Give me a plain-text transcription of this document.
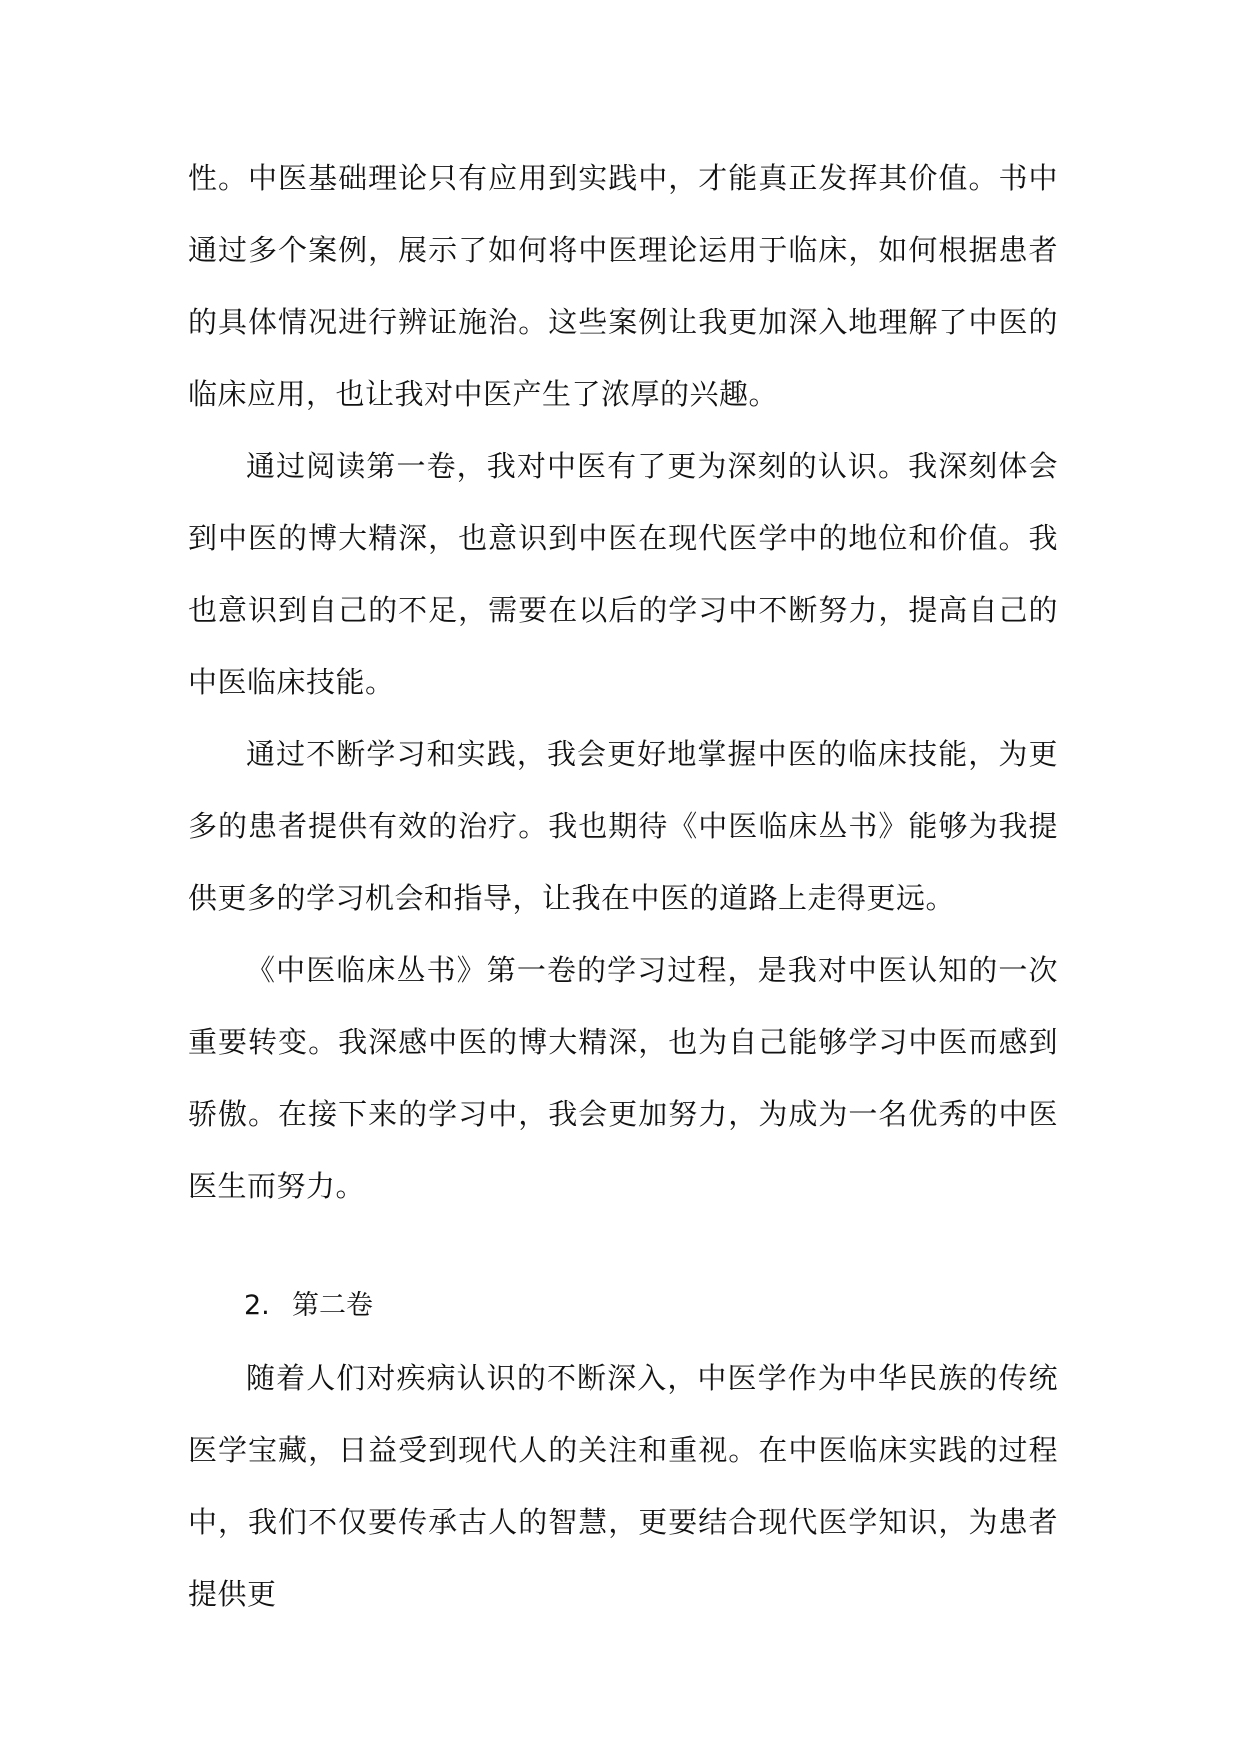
性。中医基础理论只有应用到实践中，才能真正发挥其价值。书中通过多个案例，展示了如何将中医理论运用于临床，如何根据患者的具体情况进行辨证施治。这些案例让我更加深入地理解了中医的临床应用，也让我对中医产生了浓厚的兴趣。

通过阅读第一卷，我对中医有了更为深刻的认识。我深刻体会到中医的博大精深，也意识到中医在现代医学中的地位和价值。我也意识到自己的不足，需要在以后的学习中不断努力，提高自己的中医临床技能。

通过不断学习和实践，我会更好地掌握中医的临床技能，为更多的患者提供有效的治疗。我也期待《中医临床丛书》能够为我提供更多的学习机会和指导，让我在中医的道路上走得更远。

《中医临床丛书》第一卷的学习过程，是我对中医认知的一次重要转变。我深感中医的博大精深，也为自己能够学习中医而感到骄傲。在接下来的学习中，我会更加努力，为成为一名优秀的中医医生而努力。

2. 第二卷

随着人们对疾病认识的不断深入，中医学作为中华民族的传统医学宝藏，日益受到现代人的关注和重视。在中医临床实践的过程中，我们不仅要传承古人的智慧，更要结合现代医学知识，为患者提供更
